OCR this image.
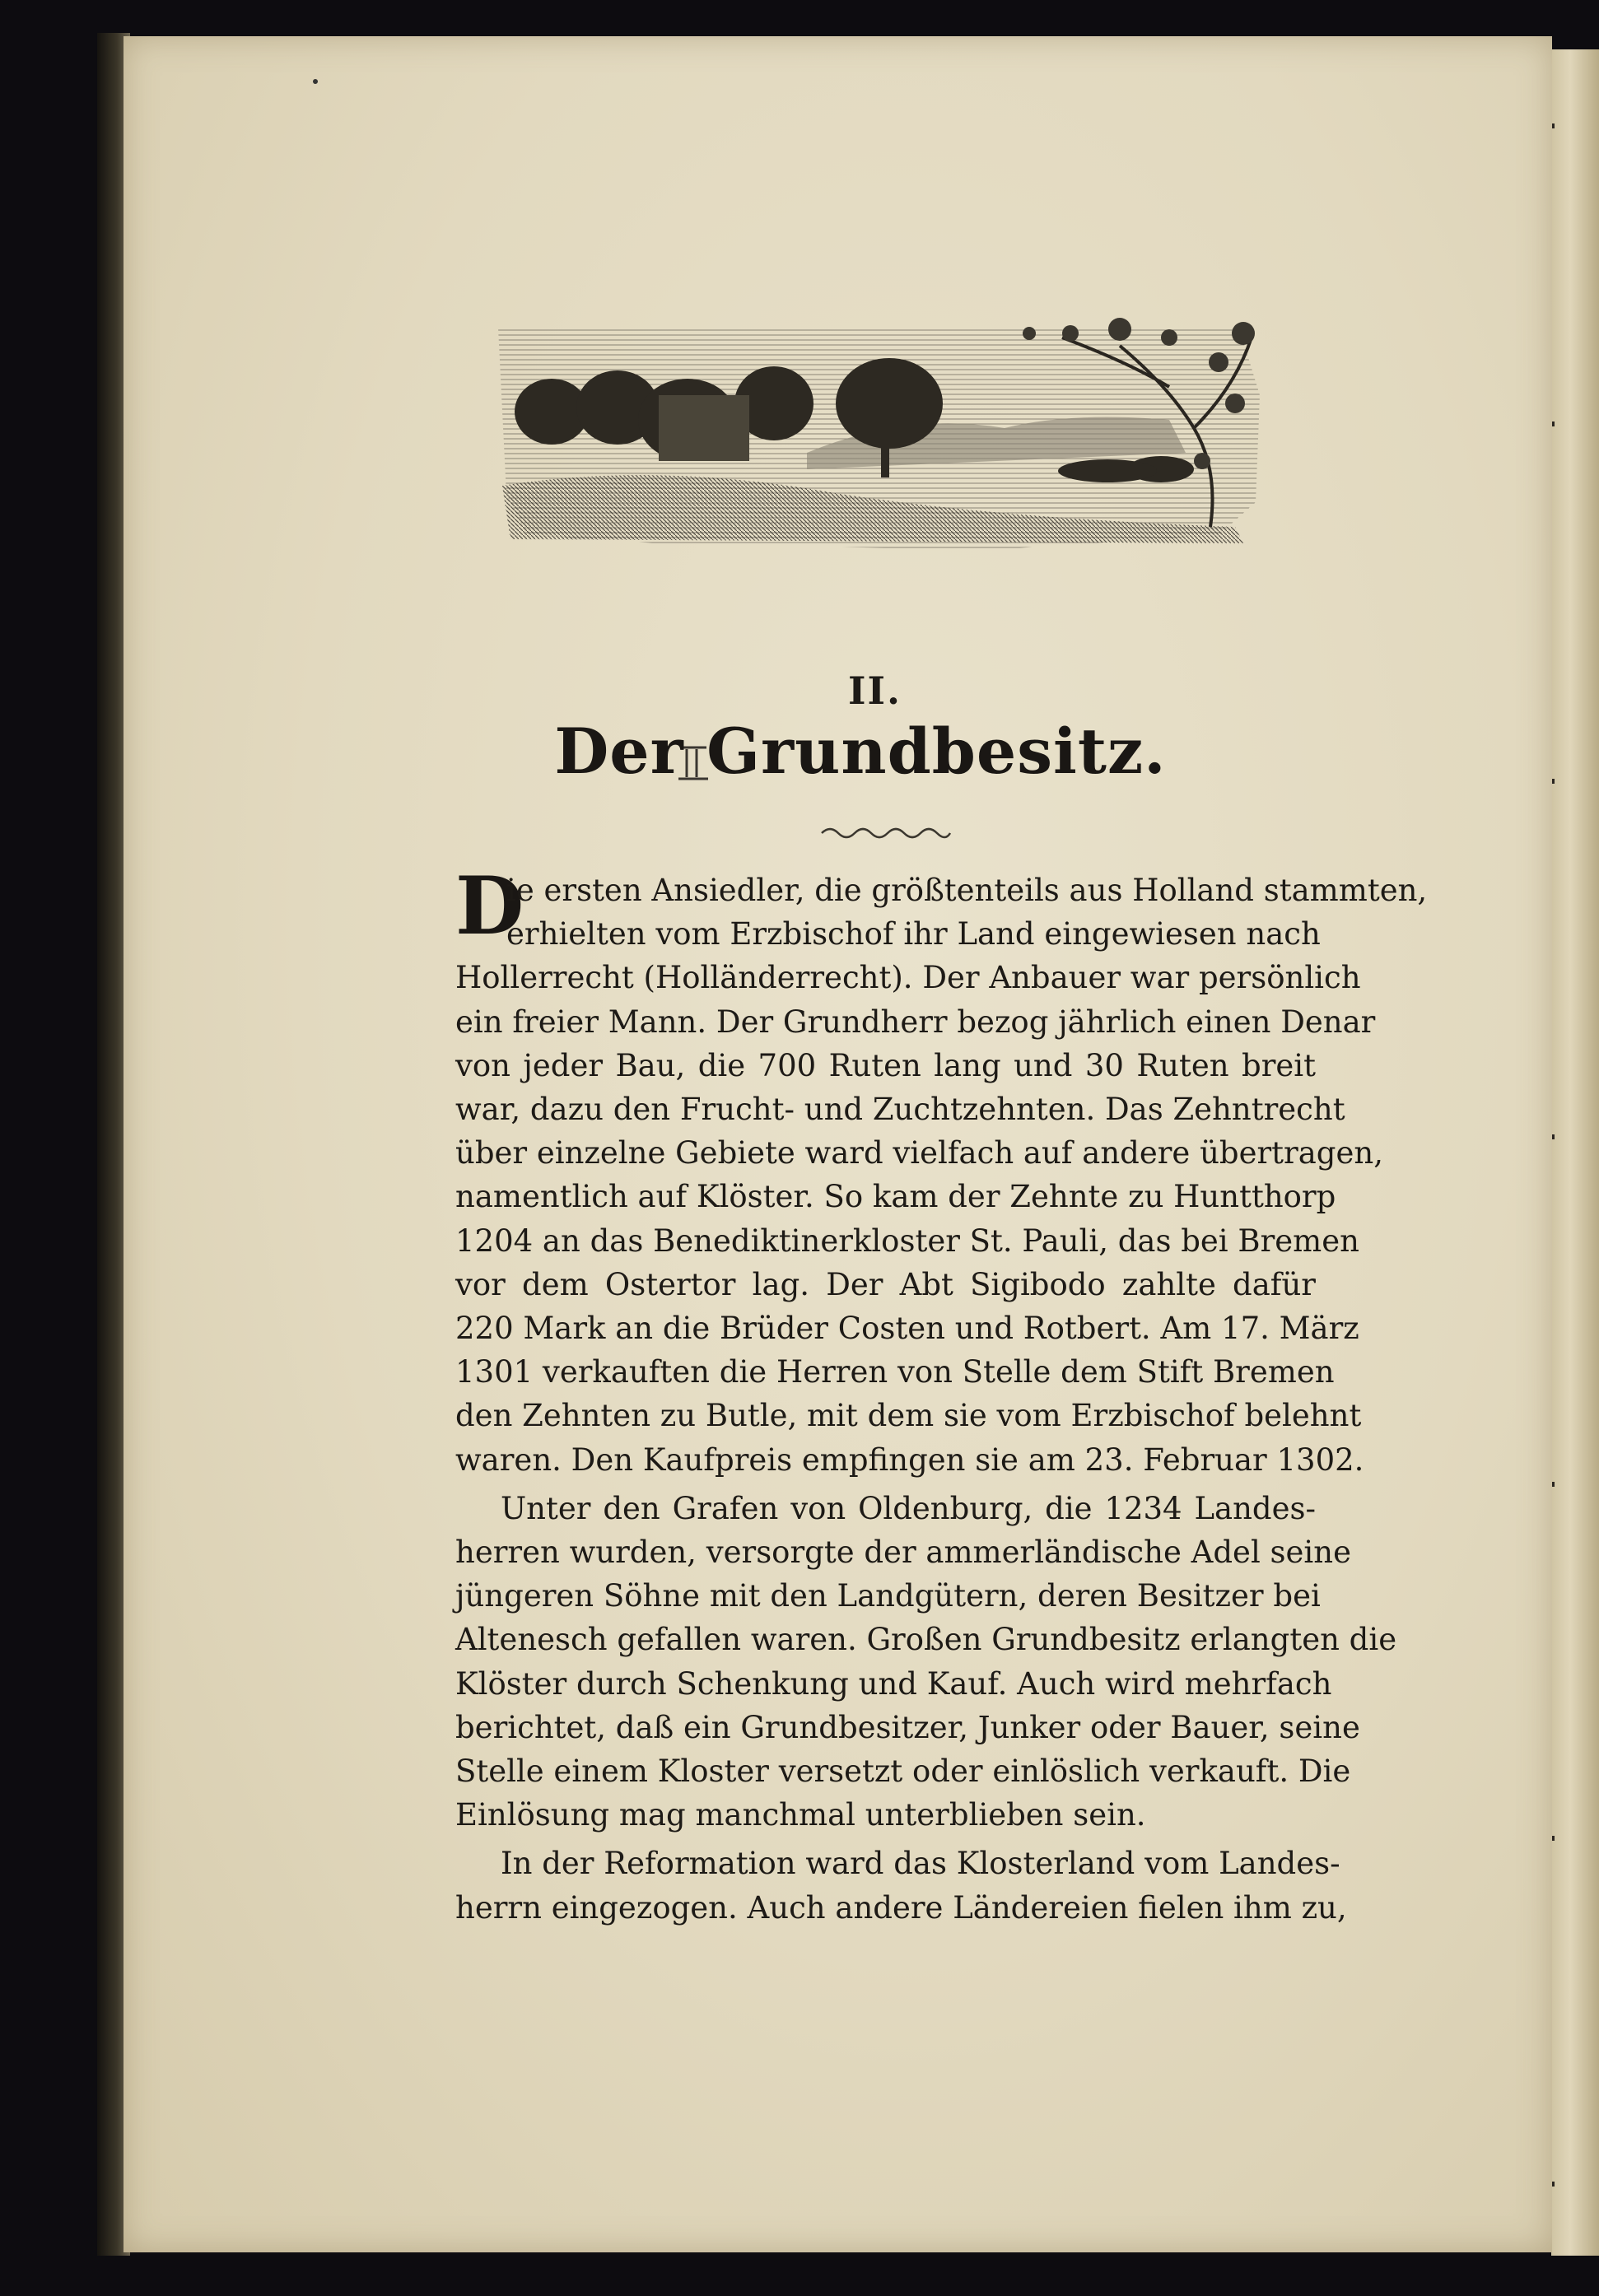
II.
Der Grundbesitz.
D
ie ersten Ansiedler, die größtenteils aus Holland stammten,
erhielten vom Erzbischof ihr Land eingewiesen nach
Hollerrecht (Holländerrecht). Der Anbauer war persönlich
ein freier Mann. Der Grundherr bezog jährlich einen Denar
von jeder Bau, die 700 Ruten lang und 30 Ruten breit
war, dazu den Frucht- und Zuchtzehnten. Das Zehntrecht
über einzelne Gebiete ward vielfach auf andere übertragen,
namentlich auf Klöster. So kam der Zehnte zu Huntthorp
1204 an das Benediktinerkloster St. Pauli, das bei Bremen
vor dem Ostertor lag. Der Abt Sigibodo zahlte dafür
220 Mark an die Brüder Costen und Rotbert. Am 17. März
1301 verkauften die Herren von Stelle dem Stift Bremen
den Zehnten zu Butle, mit dem sie vom Erzbischof belehnt
waren. Den Kaufpreis empfingen sie am 23. Februar 1302.
Unter den Grafen von Oldenburg, die 1234 Landes-
herren wurden, versorgte der ammerländische Adel seine
jüngeren Söhne mit den Landgütern, deren Besitzer bei
Altenesch gefallen waren. Großen Grundbesitz erlangten die
Klöster durch Schenkung und Kauf. Auch wird mehrfach
berichtet, daß ein Grundbesitzer, Junker oder Bauer, seine
Stelle einem Kloster versetzt oder einlöslich verkauft. Die
Einlösung mag manchmal unterblieben sein.
In der Reformation ward das Klosterland vom Landes-
herrn eingezogen. Auch andere Ländereien fielen ihm zu,
